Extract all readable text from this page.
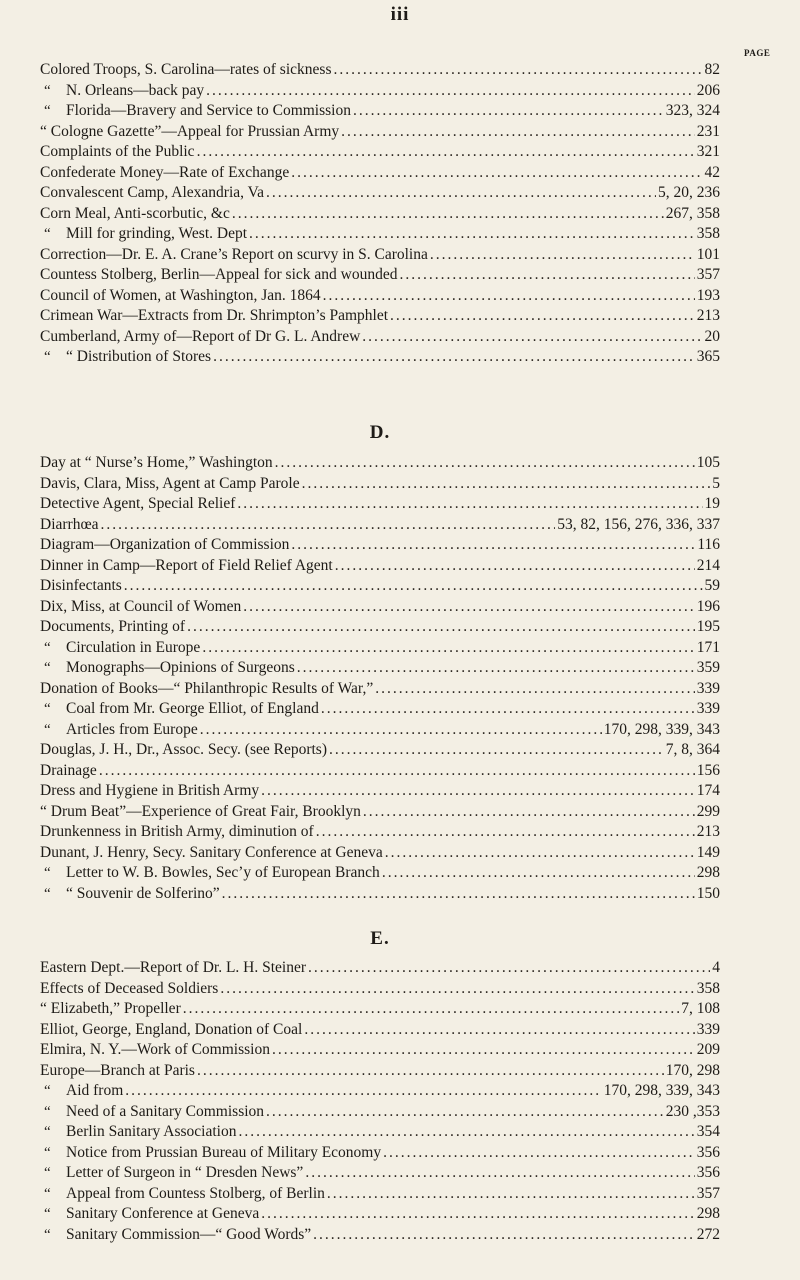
iii
PAGE
Colored Troops, S. Carolina—rates of sickness .....	82
“ N. Orleans—back pay .....	206
“ Florida—Bravery and Service to Commission .....	323, 324
“ Cologne Gazette”—Appeal for Prussian Army .....	231
Complaints of the Public .....	321
Confederate Money—Rate of Exchange .....	42
Convalescent Camp, Alexandria, Va .....	5, 20, 236
Corn Meal, Anti-scorbutic, &c .....	267, 358
“ Mill for grinding, West. Dept .....	358
Correction—Dr. E. A. Crane’s Report on scurvy in S. Carolina .....	101
Countess Stolberg, Berlin—Appeal for sick and wounded .....	357
Council of Women, at Washington, Jan. 1864 .....	193
Crimean War—Extracts from Dr. Shrimpton’s Pamphlet .....	213
Cumberland, Army of—Report of Dr G. L. Andrew .....	20
“ “ Distribution of Stores .....	365
D.
Day at “ Nurse’s Home,” Washington .....	105
Davis, Clara, Miss, Agent at Camp Parole .....	5
Detective Agent, Special Relief .....	19
Diarrhœa .....	53, 82, 156, 276, 336, 337
Diagram—Organization of Commission .....	116
Dinner in Camp—Report of Field Relief Agent .....	214
Disinfectants .....	59
Dix, Miss, at Council of Women .....	196
Documents, Printing of .....	195
“ Circulation in Europe .....	171
“ Monographs—Opinions of Surgeons .....	359
Donation of Books—“ Philanthropic Results of War,” .....	339
“ Coal from Mr. George Elliot, of England .....	339
“ Articles from Europe .....	170, 298, 339, 343
Douglas, J. H., Dr., Assoc. Secy. (see Reports) .....	7, 8, 364
Drainage .....	156
Dress and Hygiene in British Army .....	174
“ Drum Beat”—Experience of Great Fair, Brooklyn .....	299
Drunkenness in British Army, diminution of .....	213
Dunant, J. Henry, Secy. Sanitary Conference at Geneva .....	149
“ Letter to W. B. Bowles, Sec’y of European Branch .....	298
“ “ Souvenir de Solferino” .....	150
E.
Eastern Dept.—Report of Dr. L. H. Steiner .....	4
Effects of Deceased Soldiers .....	358
“ Elizabeth,” Propeller .....	7, 108
Elliot, George, England, Donation of Coal .....	339
Elmira, N. Y.—Work of Commission .....	209
Europe—Branch at Paris .....	170, 298
“ Aid from .....	170, 298, 339, 343
“ Need of a Sanitary Commission .....	230 ,353
“ Berlin Sanitary Association .....	354
“ Notice from Prussian Bureau of Military Economy .....	356
“ Letter of Surgeon in “ Dresden News” .....	356
“ Appeal from Countess Stolberg, of Berlin .....	357
“ Sanitary Conference at Geneva .....	298
“ Sanitary Commission—“ Good Words” .....	272
